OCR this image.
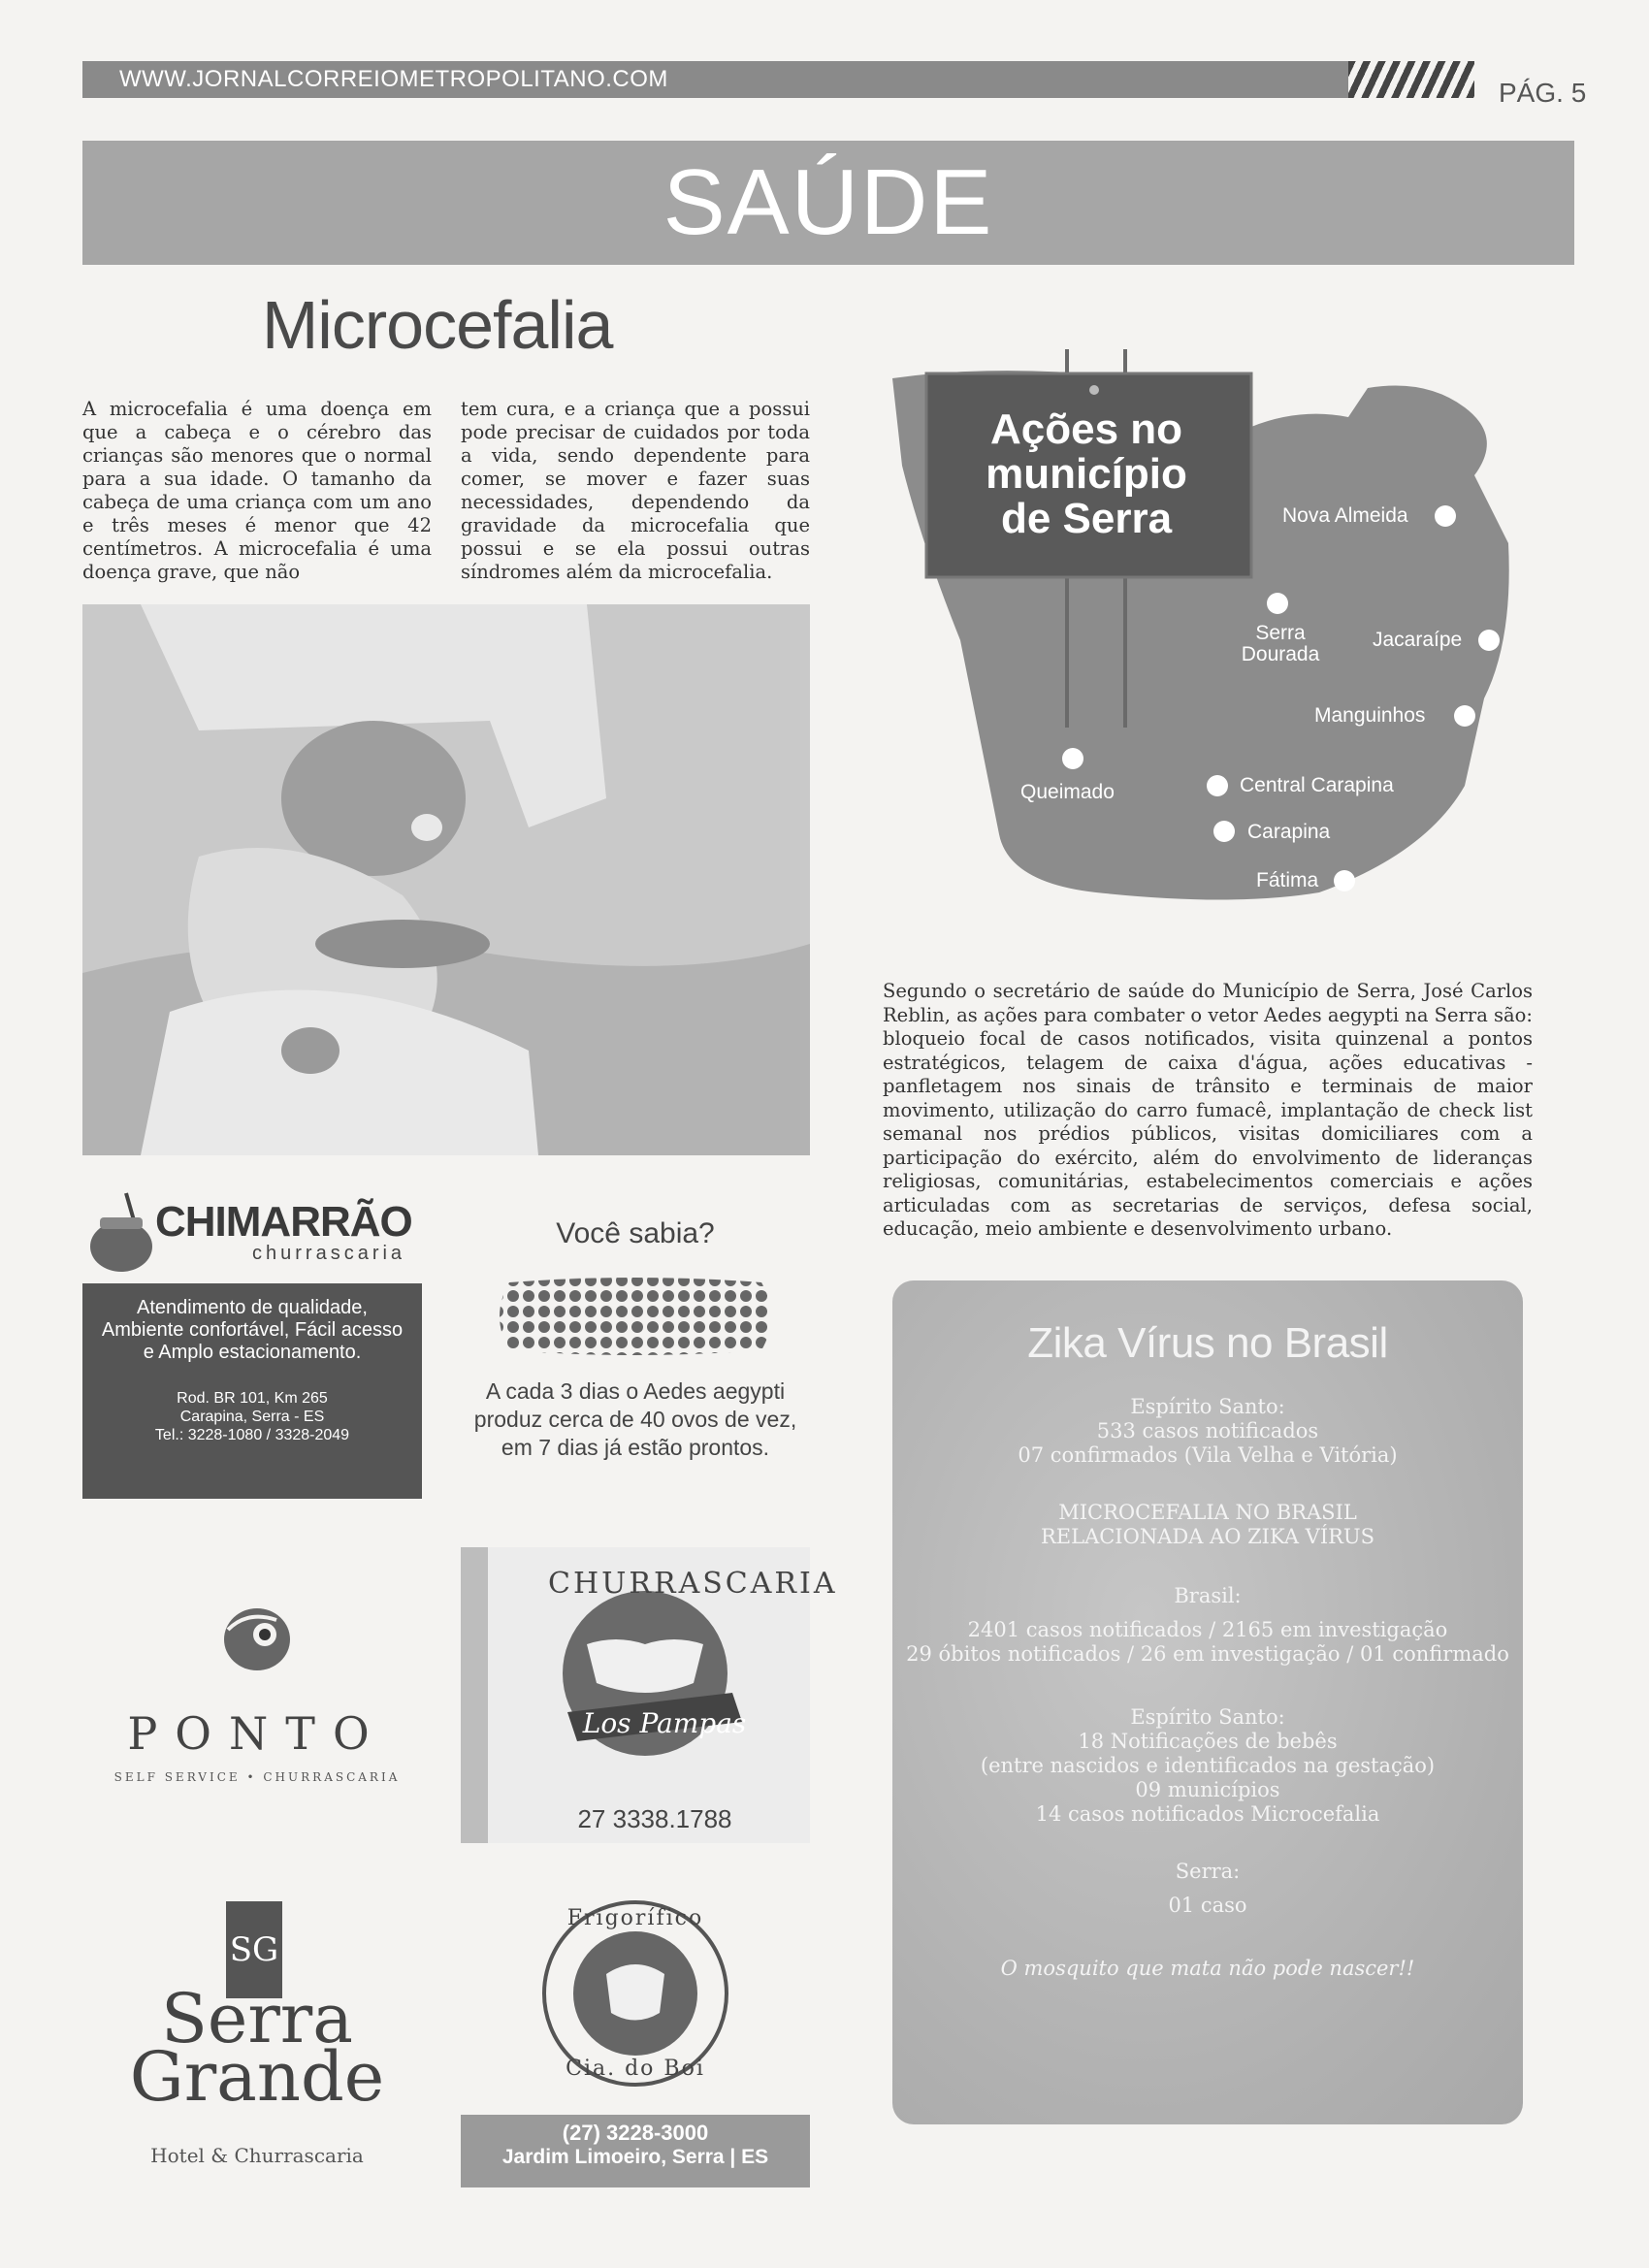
WWW.JORNALCORREIOMETROPOLITANO.COM	PÁG. 5
SAÚDE
Microcefalia
A microcefalia é uma doença em que a cabeça e o cérebro das crianças são menores que o normal para a sua idade. O tamanho da cabeça de uma criança com um ano e três meses é menor que 42 centímetros. A microcefalia é uma doença grave, que não
tem cura, e a criança que a possui pode precisar de cuidados por toda a vida, sendo dependente para comer, se mover e fazer suas necessidades, dependendo da gravidade da microcefalia que possui e se ela possui outras síndromes além da microcefalia.
Ações no
município
de Serra	Nova Almeida
Serra Dourada
Jacaraípe
Manguinhos
Queimado	Central Carapina
Carapina
Fátima
Segundo o secretário de saúde do Município de Serra, José Carlos Reblin, as ações para combater o vetor Aedes aegypti na Serra são: bloqueio focal de casos notificados, visita quinzenal a pontos estratégicos, telagem de caixa d'água, ações educativas - panfletagem nos sinais de trânsito e terminais de maior movimento, utilização do carro fumacê, implantação de check list semanal nos prédios públicos, visitas domiciliares com a participação do exército, além do envolvimento de lideranças religiosas, comunitárias, estabelecimentos comerciais e ações articuladas com as secretarias de serviços, defesa social, educação, meio ambiente e desenvolvimento urbano.
Zika Vírus no Brasil
Espírito Santo:
533 casos notificados
07 confirmados (Vila Velha e Vitória)
MICROCEFALIA NO BRASIL
RELACIONADA AO ZIKA VÍRUS
Brasil:
2401 casos notificados / 2165 em investigação
29 óbitos notificados / 26 em investigação / 01 confirmado
Espírito Santo:
18 Notificações de bebês
(entre nascidos e identificados na gestação)
09 municípios
14 casos notificados Microcefalia
Serra:
01 caso
O mosquito que mata não pode nascer!!
CHIMARRÃO
churrascaria
Atendimento de qualidade,
Ambiente confortável, Fácil acesso
e Amplo estacionamento.
Rod. BR 101, Km 265
Carapina, Serra - ES
Tel.: 3228-1080 / 3328-2049
Você sabia?
A cada 3 dias o Aedes aegypti
produz cerca de 40 ovos de vez,
em 7 dias já estão prontos.
PONTO
SELF SERVICE • CHURRASCARIA
CHURRASCARIA
Los Pampas
27 3338.1788
SG
Serra
Grande
Hotel & Churrascaria
Frigorífico
Cia. do Boi
(27) 3228-3000
Jardim Limoeiro, Serra | ES
